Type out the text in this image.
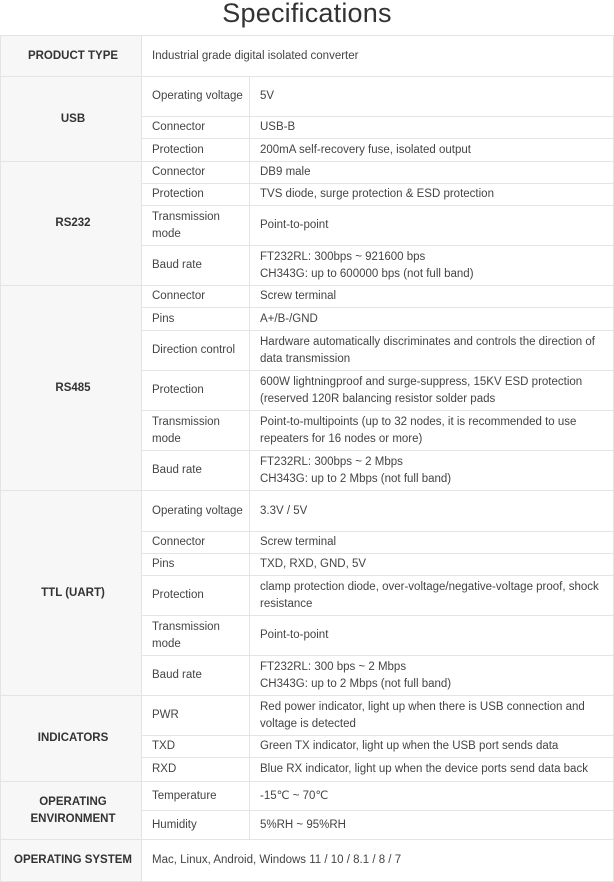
Specifications
PRODUCT TYPE	Industrial grade digital isolated converter	
USB	Operating voltage	5V
	Connector	USB-B
	Protection	200mA self-recovery fuse, isolated output
RS232	Connector	DB9 male
	Protection	TVS diode, surge protection & ESD protection
	Transmission mode	Point-to-point
	Baud rate	FT232RL: 300bps ~ 921600 bps
CH343G: up to 600000 bps (not full band)

RS485	Connector	Screw terminal
	Pins	A+/B-/GND
	Direction control	Hardware automatically discriminates and controls the direction of data transmission
	Protection	600W lightningproof and surge-suppress, 15KV ESD protection (reserved 120R balancing resistor solder pads
	Transmission mode	Point-to-multipoints (up to 32 nodes, it is recommended to use repeaters for 16 nodes or more)
	Baud rate	FT232RL: 300bps ~ 2 Mbps
CH343G: up to 2 Mbps (not full band)

TTL (UART)	Operating voltage	3.3V / 5V
	Connector	Screw terminal
	Pins	TXD, RXD, GND, 5V
	Protection	clamp protection diode, over-voltage/negative-voltage proof, shock resistance
	Transmission mode	Point-to-point
	Baud rate	FT232RL: 300 bps ~ 2 Mbps
CH343G: up to 2 Mbps (not full band)

INDICATORS	PWR	Red power indicator, light up when there is USB connection and voltage is detected
	TXD	Green TX indicator, light up when the USB port sends data
	RXD	Blue RX indicator, light up when the device ports send data back

OPERATING
ENVIRONMENT	Temperature	-15℃ ~ 70℃
	Humidity	5%RH ~ 95%RH
OPERATING SYSTEM	Mac, Linux, Android, Windows 11 / 10 / 8.1 / 8 / 7	
